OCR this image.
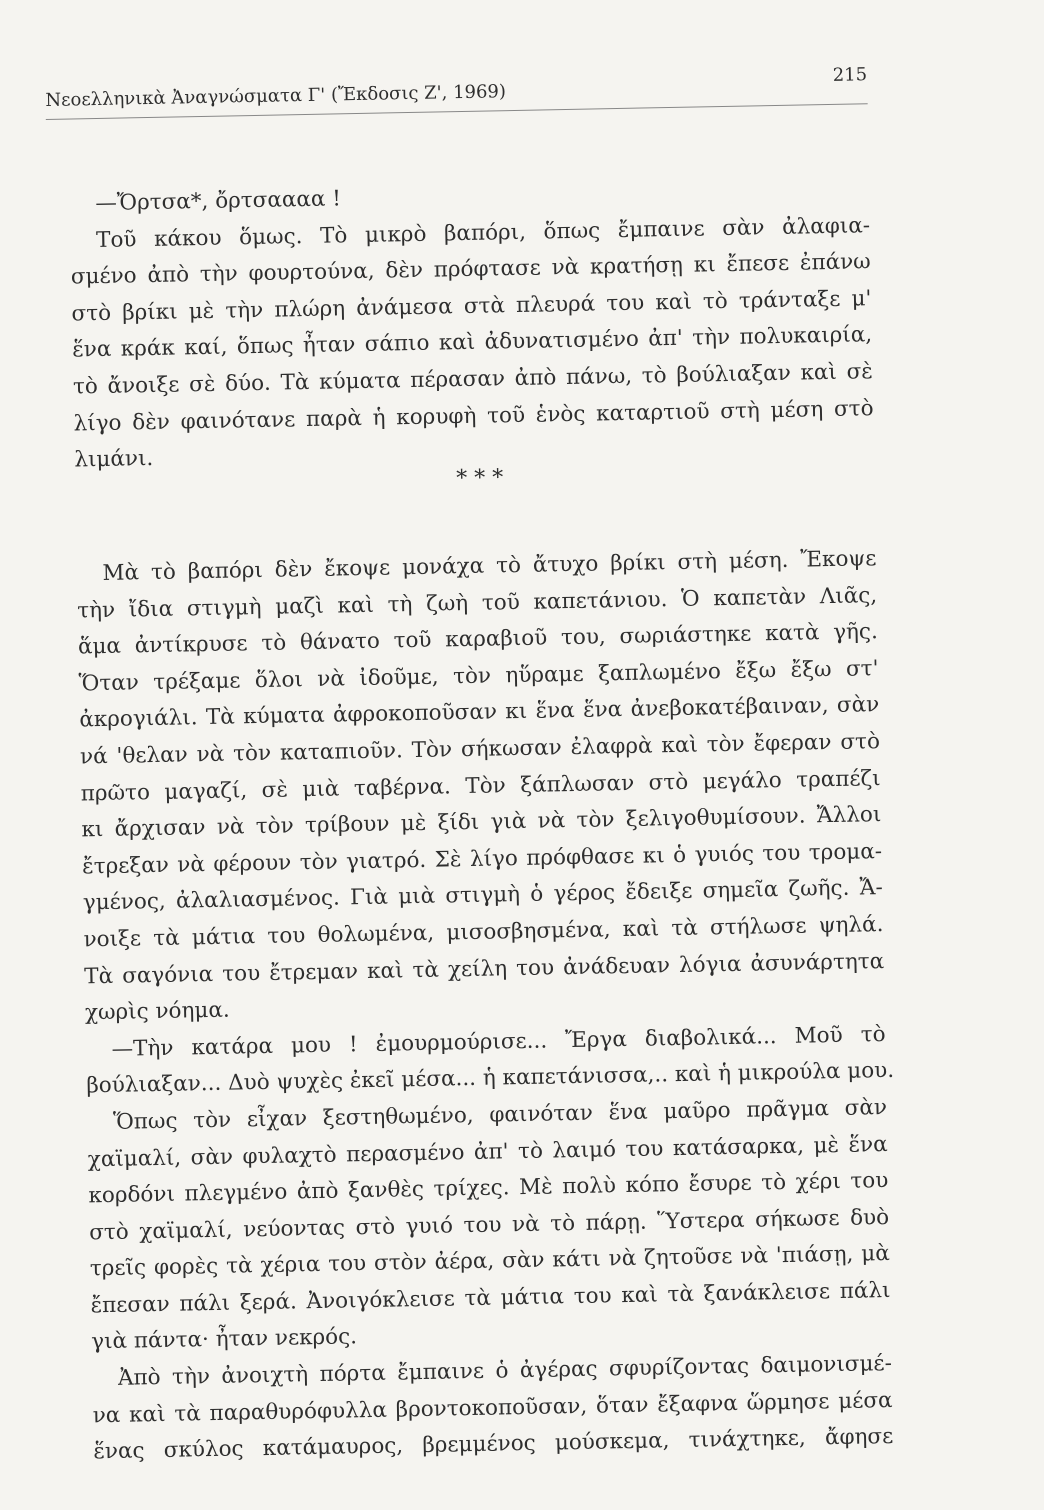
Νεοελληνικὰ Ἀναγνώσματα Γ' (Ἔκδοσις Ζ', 1969)
215
—Ὄρτσα*, ὄρτσαααα !
Τοῦ κάκου ὅμως. Τὸ μικρὸ βαπόρι, ὅπως ἔμπαινε σὰν ἀλαφια-
σμένο ἀπὸ τὴν φουρτούνα, δὲν πρόφτασε νὰ κρατήσῃ κι ἔπεσε ἐπάνω
στὸ βρίκι μὲ τὴν πλώρη ἀνάμεσα στὰ πλευρά του καὶ τὸ τράνταξε μ'
ἕνα κράκ καί, ὅπως ἦταν σάπιο καὶ ἀδυνατισμένο ἀπ' τὴν πολυκαιρία,
τὸ ἄνοιξε σὲ δύο. Τὰ κύματα πέρασαν ἀπὸ πάνω, τὸ βούλιαξαν καὶ σὲ
λίγο δὲν φαινότανε παρὰ ἡ κορυφὴ τοῦ ἑνὸς καταρτιοῦ στὴ μέση στὸ
λιμάνι.
* * *
Μὰ τὸ βαπόρι δὲν ἔκοψε μονάχα τὸ ἄτυχο βρίκι στὴ μέση. Ἔκοψε
τὴν ἴδια στιγμὴ μαζὶ καὶ τὴ ζωὴ τοῦ καπετάνιου. Ὁ καπετὰν Λιᾶς,
ἅμα ἀντίκρυσε τὸ θάνατο τοῦ καραβιοῦ του, σωριάστηκε κατὰ γῆς.
Ὅταν τρέξαμε ὅλοι νὰ ἰδοῦμε, τὸν ηὕραμε ξαπλωμένο ἔξω ἔξω στ'
ἀκρογιάλι. Τὰ κύματα ἀφροκοποῦσαν κι ἕνα ἕνα ἀνεβοκατέβαιναν, σὰν
νά 'θελαν νὰ τὸν καταπιοῦν. Τὸν σήκωσαν ἐλαφρὰ καὶ τὸν ἔφεραν στὸ
πρῶτο μαγαζί, σὲ μιὰ ταβέρνα. Τὸν ξάπλωσαν στὸ μεγάλο τραπέζι
κι ἄρχισαν νὰ τὸν τρίβουν μὲ ξίδι γιὰ νὰ τὸν ξελιγοθυμίσουν. Ἄλλοι
ἔτρεξαν νὰ φέρουν τὸν γιατρό. Σὲ λίγο πρόφθασε κι ὁ γυιός του τρομα-
γμένος, ἀλαλιασμένος. Γιὰ μιὰ στιγμὴ ὁ γέρος ἔδειξε σημεῖα ζωῆς. Ἄ-
νοιξε τὰ μάτια του θολωμένα, μισοσβησμένα, καὶ τὰ στήλωσε ψηλά.
Τὰ σαγόνια του ἔτρεμαν καὶ τὰ χείλη του ἀνάδευαν λόγια ἀσυνάρτητα
χωρὶς νόημα.
—Τὴν κατάρα μου ! ἐμουρμούρισε... Ἔργα διαβολικά... Μοῦ τὸ
βούλιαξαν... Δυὸ ψυχὲς ἐκεῖ μέσα... ἡ καπετάνισσα,.. καὶ ἡ μικρούλα μου.
Ὅπως τὸν εἶχαν ξεστηθωμένο, φαινόταν ἕνα μαῦρο πρᾶγμα σὰν
χαϊμαλί, σὰν φυλαχτὸ περασμένο ἀπ' τὸ λαιμό του κατάσαρκα, μὲ ἕνα
κορδόνι πλεγμένο ἀπὸ ξανθὲς τρίχες. Μὲ πολὺ κόπο ἔσυρε τὸ χέρι του
στὸ χαϊμαλί, νεύοντας στὸ γυιό του νὰ τὸ πάρῃ. Ὕστερα σήκωσε δυὸ
τρεῖς φορὲς τὰ χέρια του στὸν ἀέρα, σὰν κάτι νὰ ζητοῦσε νὰ 'πιάσῃ, μὰ
ἔπεσαν πάλι ξερά. Ἀνοιγόκλεισε τὰ μάτια του καὶ τὰ ξανάκλεισε πάλι
γιὰ πάντα· ἦταν νεκρός.
Ἀπὸ τὴν ἀνοιχτὴ πόρτα ἔμπαινε ὁ ἀγέρας σφυρίζοντας δαιμονισμέ-
να καὶ τὰ παραθυρόφυλλα βροντοκοποῦσαν, ὅταν ἔξαφνα ὥρμησε μέσα
ἕνας σκύλος κατάμαυρος, βρεμμένος μούσκεμα, τινάχτηκε, ἄφησε
